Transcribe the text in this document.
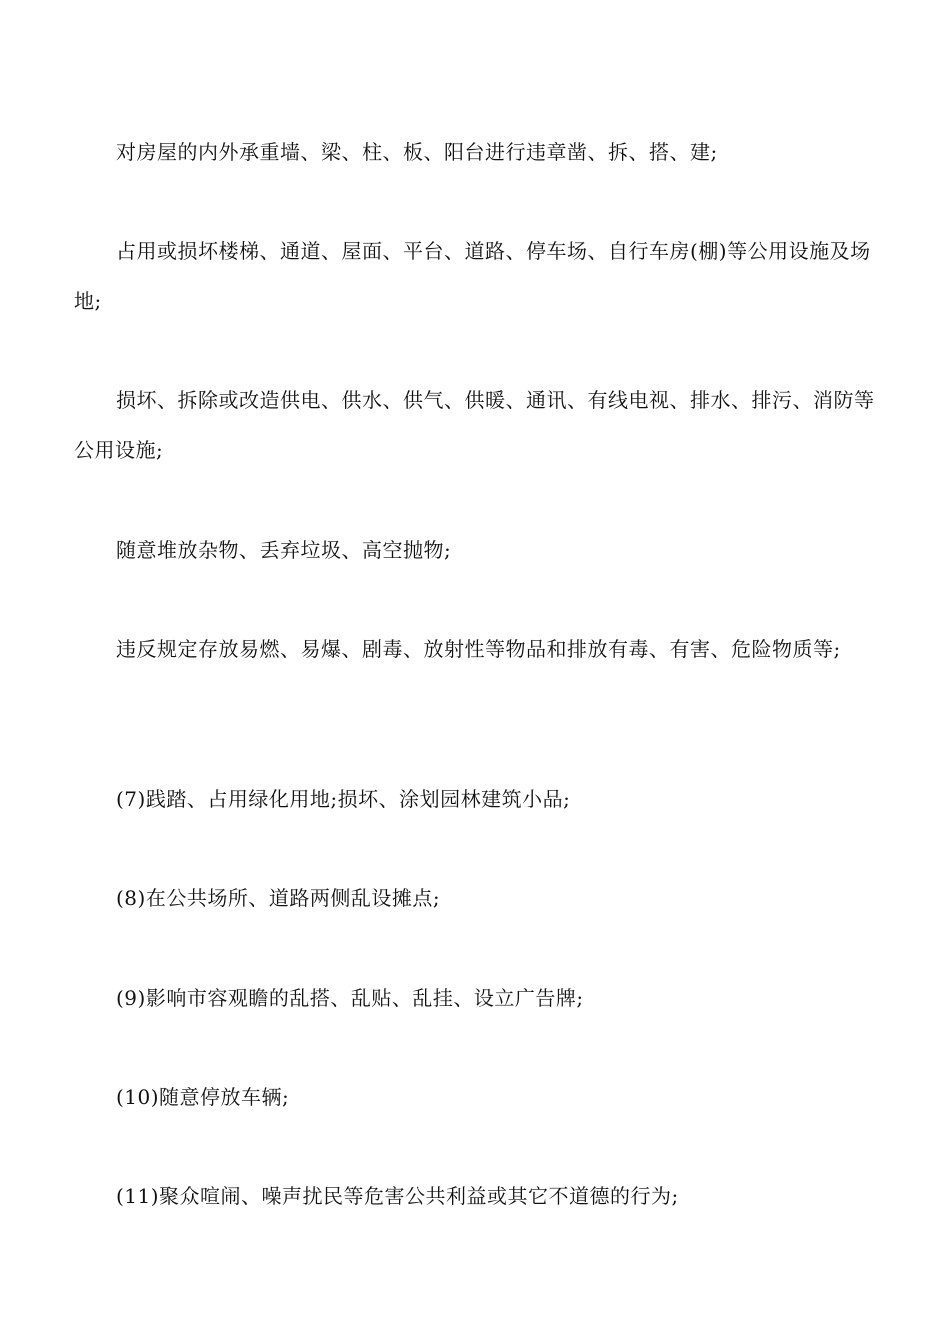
对房屋的内外承重墙、梁、柱、板、阳台进行违章凿、拆、搭、建;

占用或损坏楼梯、通道、屋面、平台、道路、停车场、自行车房(棚)等公用设施及场地;

损坏、拆除或改造供电、供水、供气、供暖、通讯、有线电视、排水、排污、消防等公用设施;

随意堆放杂物、丢弃垃圾、高空抛物;

违反规定存放易燃、易爆、剧毒、放射性等物品和排放有毒、有害、危险物质等;

(7)践踏、占用绿化用地;损坏、涂划园林建筑小品;

(8)在公共场所、道路两侧乱设摊点;

(9)影响市容观瞻的乱搭、乱贴、乱挂、设立广告牌;

(10)随意停放车辆;

(11)聚众喧闹、噪声扰民等危害公共利益或其它不道德的行为;
